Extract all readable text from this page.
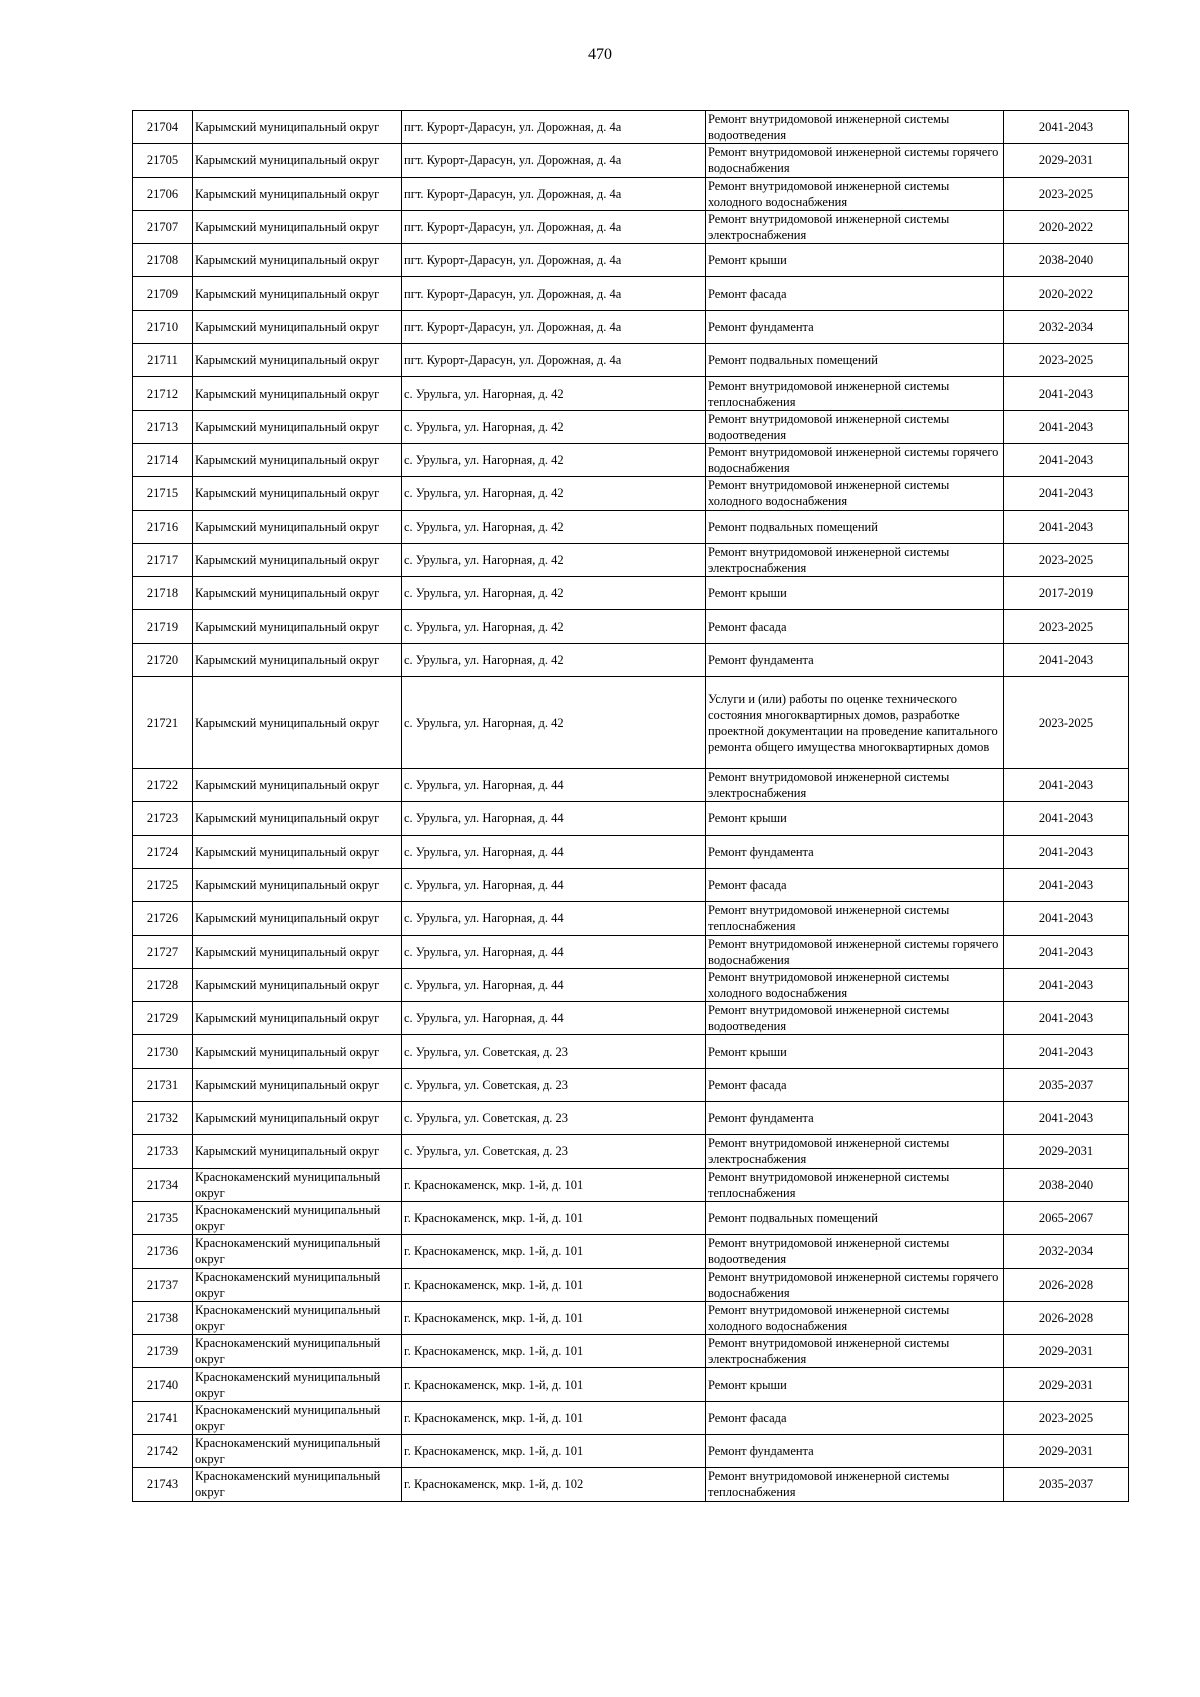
470
21704	Карымский муниципальный округ	пгт. Курорт-Дарасун, ул. Дорожная, д. 4а	Ремонт внутридомовой инженерной системы водоотведения	2041-2043
21705	Карымский муниципальный округ	пгт. Курорт-Дарасун, ул. Дорожная, д. 4а	Ремонт внутридомовой инженерной системы горячего водоснабжения	2029-2031
21706	Карымский муниципальный округ	пгт. Курорт-Дарасун, ул. Дорожная, д. 4а	Ремонт внутридомовой инженерной системы холодного водоснабжения	2023-2025
21707	Карымский муниципальный округ	пгт. Курорт-Дарасун, ул. Дорожная, д. 4а	Ремонт внутридомовой инженерной системы электроснабжения	2020-2022
21708	Карымский муниципальный округ	пгт. Курорт-Дарасун, ул. Дорожная, д. 4а	Ремонт крыши	2038-2040
21709	Карымский муниципальный округ	пгт. Курорт-Дарасун, ул. Дорожная, д. 4а	Ремонт фасада	2020-2022
21710	Карымский муниципальный округ	пгт. Курорт-Дарасун, ул. Дорожная, д. 4а	Ремонт фундамента	2032-2034
21711	Карымский муниципальный округ	пгт. Курорт-Дарасун, ул. Дорожная, д. 4а	Ремонт подвальных помещений	2023-2025
21712	Карымский муниципальный округ	с. Урульга, ул. Нагорная, д. 42	Ремонт внутридомовой инженерной системы теплоснабжения	2041-2043
21713	Карымский муниципальный округ	с. Урульга, ул. Нагорная, д. 42	Ремонт внутридомовой инженерной системы водоотведения	2041-2043
21714	Карымский муниципальный округ	с. Урульга, ул. Нагорная, д. 42	Ремонт внутридомовой инженерной системы горячего водоснабжения	2041-2043
21715	Карымский муниципальный округ	с. Урульга, ул. Нагорная, д. 42	Ремонт внутридомовой инженерной системы холодного водоснабжения	2041-2043
21716	Карымский муниципальный округ	с. Урульга, ул. Нагорная, д. 42	Ремонт подвальных помещений	2041-2043
21717	Карымский муниципальный округ	с. Урульга, ул. Нагорная, д. 42	Ремонт внутридомовой инженерной системы электроснабжения	2023-2025
21718	Карымский муниципальный округ	с. Урульга, ул. Нагорная, д. 42	Ремонт крыши	2017-2019
21719	Карымский муниципальный округ	с. Урульга, ул. Нагорная, д. 42	Ремонт фасада	2023-2025
21720	Карымский муниципальный округ	с. Урульга, ул. Нагорная, д. 42	Ремонт фундамента	2041-2043
21721	Карымский муниципальный округ	с. Урульга, ул. Нагорная, д. 42	Услуги и (или) работы по оценке технического состояния многоквартирных домов, разработке проектной документации на проведение капитального ремонта общего имущества многоквартирных домов	2023-2025
21722	Карымский муниципальный округ	с. Урульга, ул. Нагорная, д. 44	Ремонт внутридомовой инженерной системы электроснабжения	2041-2043
21723	Карымский муниципальный округ	с. Урульга, ул. Нагорная, д. 44	Ремонт крыши	2041-2043
21724	Карымский муниципальный округ	с. Урульга, ул. Нагорная, д. 44	Ремонт фундамента	2041-2043
21725	Карымский муниципальный округ	с. Урульга, ул. Нагорная, д. 44	Ремонт фасада	2041-2043
21726	Карымский муниципальный округ	с. Урульга, ул. Нагорная, д. 44	Ремонт внутридомовой инженерной системы теплоснабжения	2041-2043
21727	Карымский муниципальный округ	с. Урульга, ул. Нагорная, д. 44	Ремонт внутридомовой инженерной системы горячего водоснабжения	2041-2043
21728	Карымский муниципальный округ	с. Урульга, ул. Нагорная, д. 44	Ремонт внутридомовой инженерной системы холодного водоснабжения	2041-2043
21729	Карымский муниципальный округ	с. Урульга, ул. Нагорная, д. 44	Ремонт внутридомовой инженерной системы водоотведения	2041-2043
21730	Карымский муниципальный округ	с. Урульга, ул. Советская, д. 23	Ремонт крыши	2041-2043
21731	Карымский муниципальный округ	с. Урульга, ул. Советская, д. 23	Ремонт фасада	2035-2037
21732	Карымский муниципальный округ	с. Урульга, ул. Советская, д. 23	Ремонт фундамента	2041-2043
21733	Карымский муниципальный округ	с. Урульга, ул. Советская, д. 23	Ремонт внутридомовой инженерной системы электроснабжения	2029-2031
21734	Краснокаменский муниципальный округ	г. Краснокаменск, мкр. 1-й, д. 101	Ремонт внутридомовой инженерной системы теплоснабжения	2038-2040
21735	Краснокаменский муниципальный округ	г. Краснокаменск, мкр. 1-й, д. 101	Ремонт подвальных помещений	2065-2067
21736	Краснокаменский муниципальный округ	г. Краснокаменск, мкр. 1-й, д. 101	Ремонт внутридомовой инженерной системы водоотведения	2032-2034
21737	Краснокаменский муниципальный округ	г. Краснокаменск, мкр. 1-й, д. 101	Ремонт внутридомовой инженерной системы горячего водоснабжения	2026-2028
21738	Краснокаменский муниципальный округ	г. Краснокаменск, мкр. 1-й, д. 101	Ремонт внутридомовой инженерной системы холодного водоснабжения	2026-2028
21739	Краснокаменский муниципальный округ	г. Краснокаменск, мкр. 1-й, д. 101	Ремонт внутридомовой инженерной системы электроснабжения	2029-2031
21740	Краснокаменский муниципальный округ	г. Краснокаменск, мкр. 1-й, д. 101	Ремонт крыши	2029-2031
21741	Краснокаменский муниципальный округ	г. Краснокаменск, мкр. 1-й, д. 101	Ремонт фасада	2023-2025
21742	Краснокаменский муниципальный округ	г. Краснокаменск, мкр. 1-й, д. 101	Ремонт фундамента	2029-2031
21743	Краснокаменский муниципальный округ	г. Краснокаменск, мкр. 1-й, д. 102	Ремонт внутридомовой инженерной системы теплоснабжения	2035-2037
